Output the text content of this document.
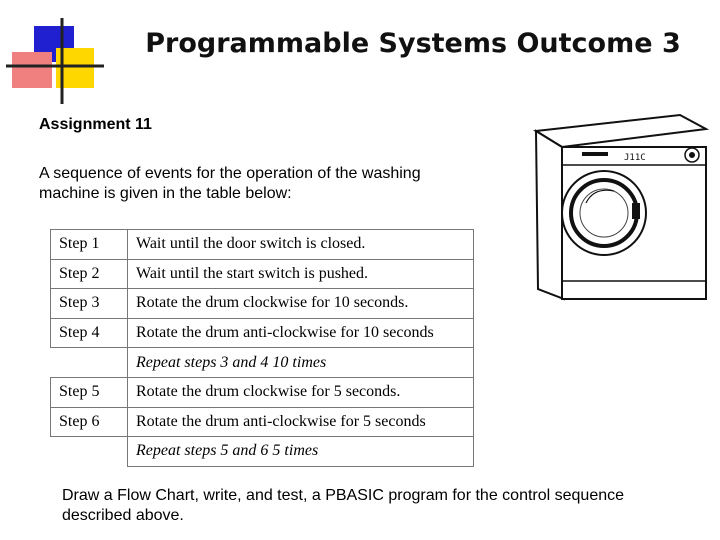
Programmable Systems Outcome 3
Assignment 11
A sequence of events for the operation of the washing machine is given in the table below:
Step 1	Wait until the door switch is closed.
Step 2	Wait until the start switch is pushed.
Step 3	Rotate the drum clockwise for 10 seconds.
Step 4	Rotate the drum anti-clockwise for 10 seconds
	Repeat steps 3 and 4 10 times
Step 5	Rotate the drum clockwise for 5 seconds.
Step 6	Rotate the drum anti-clockwise for 5 seconds
	Repeat steps 5 and 6 5 times
J11C
Draw a Flow Chart, write, and test, a PBASIC program for the control sequence described above.
